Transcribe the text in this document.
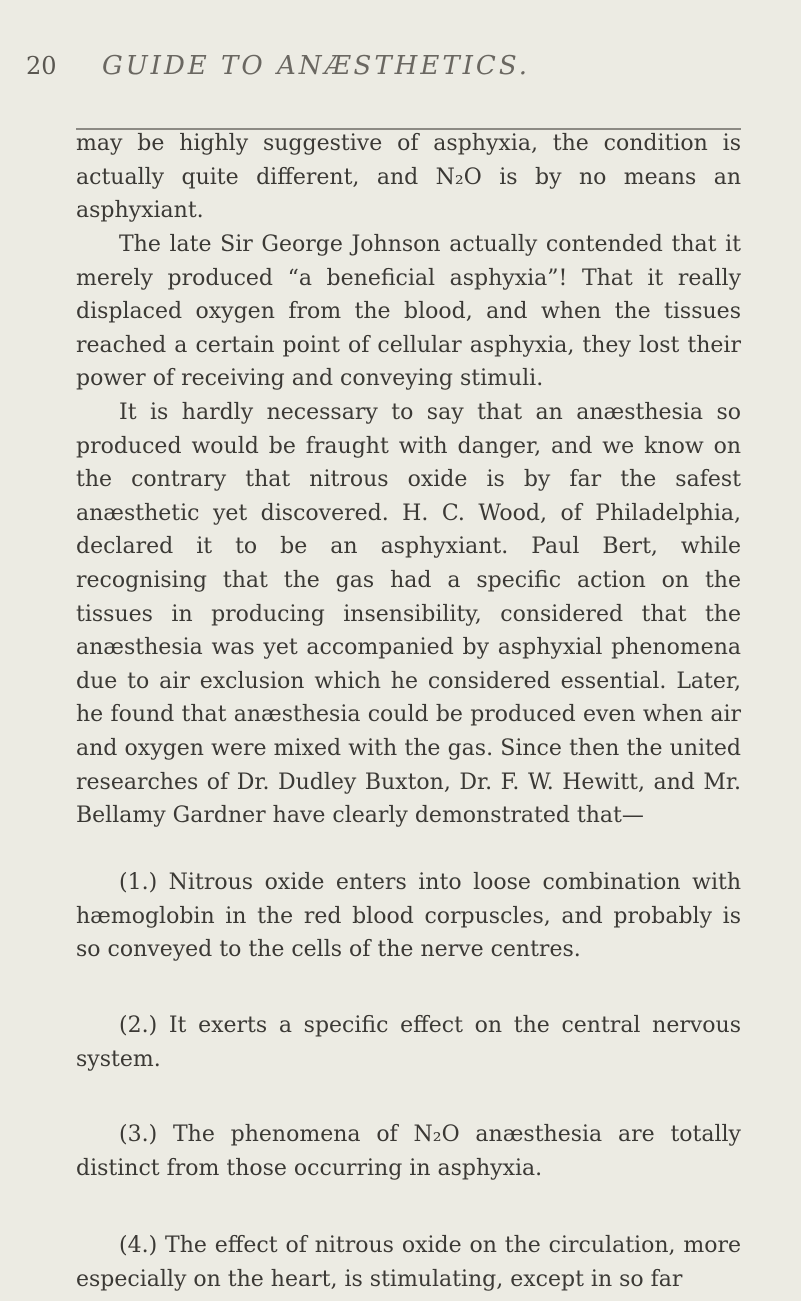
20 GUIDE TO ANÆSTHETICS.

may be highly suggestive of asphyxia, the condition is actually quite different, and N₂O is by no means an asphyxiant.

The late Sir George Johnson actually contended that it merely produced “a beneficial asphyxia”! That it really displaced oxygen from the blood, and when the tissues reached a certain point of cellular asphyxia, they lost their power of receiving and conveying stimuli.

It is hardly necessary to say that an anæsthesia so produced would be fraught with danger, and we know on the contrary that nitrous oxide is by far the safest anæsthetic yet discovered. H. C. Wood, of Philadelphia, declared it to be an asphyxiant. Paul Bert, while recognising that the gas had a specific action on the tissues in producing insensibility, considered that the anæsthesia was yet accompanied by asphyxial phenomena due to air exclusion which he considered essential. Later, he found that anæsthesia could be produced even when air and oxygen were mixed with the gas. Since then the united researches of Dr. Dudley Buxton, Dr. F. W. Hewitt, and Mr. Bellamy Gardner have clearly demonstrated that—

(1.) Nitrous oxide enters into loose combination with hæmoglobin in the red blood corpuscles, and probably is so conveyed to the cells of the nerve centres.

(2.) It exerts a specific effect on the central nervous system.

(3.) The phenomena of N₂O anæsthesia are totally distinct from those occurring in asphyxia.

(4.) The effect of nitrous oxide on the circulation, more especially on the heart, is stimulating, except in so far
